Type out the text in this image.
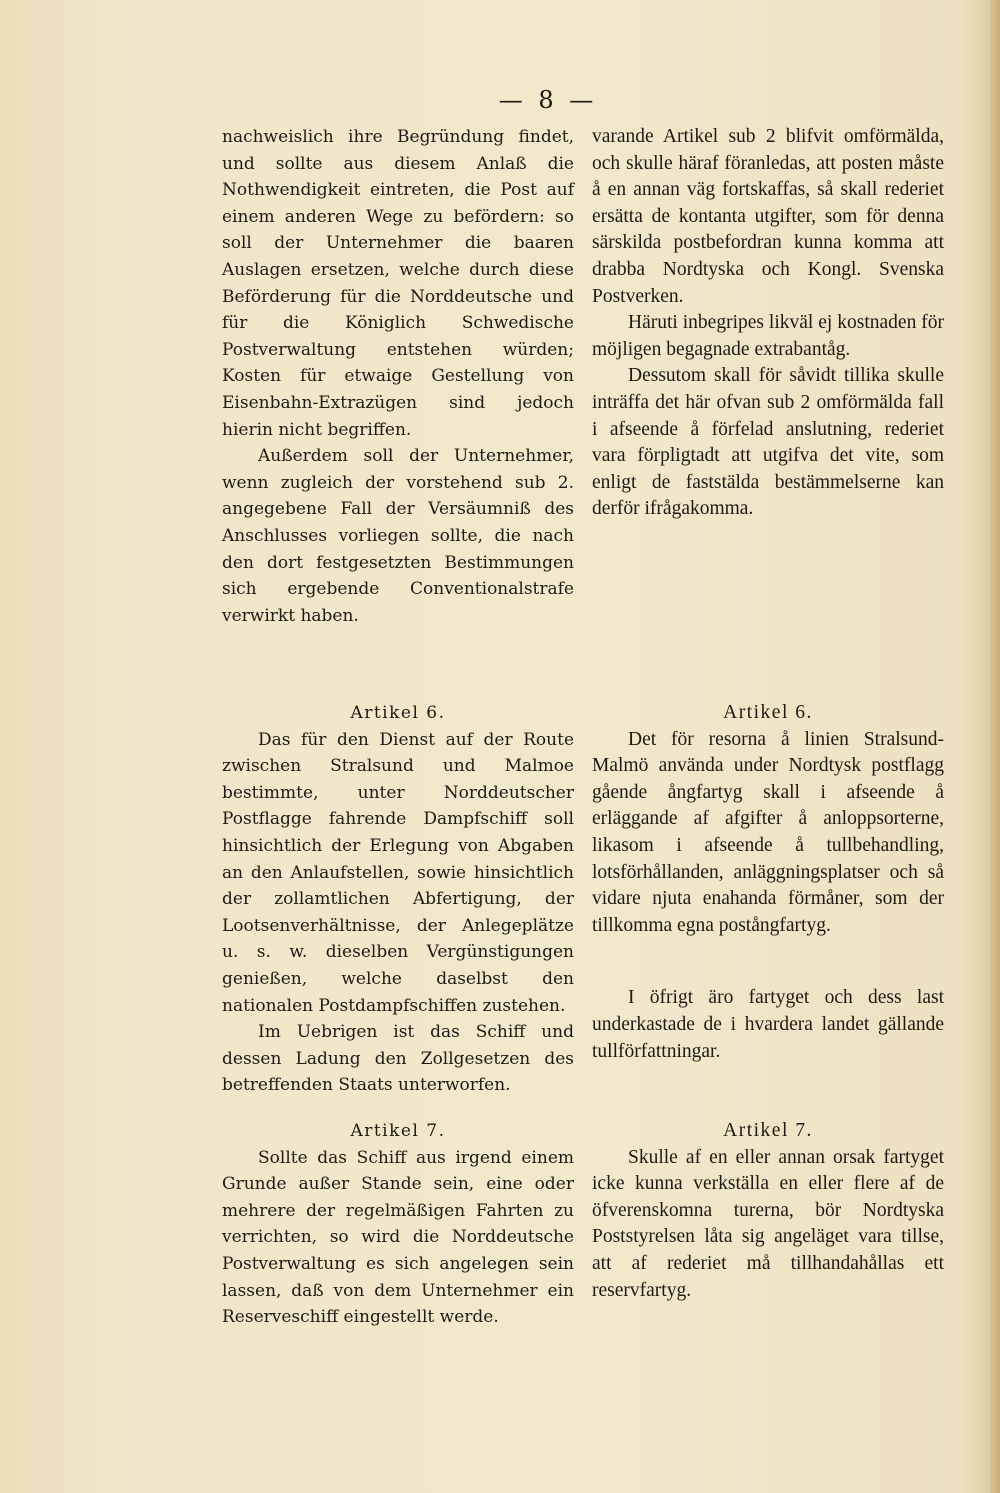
— 8 —

nachweislich ihre Begründung findet, und sollte aus diesem Anlaß die Nothwendigkeit eintreten, die Post auf einem anderen Wege zu befördern: so soll der Unternehmer die baaren Auslagen ersetzen, welche durch diese Beförderung für die Norddeutsche und für die Königlich Schwedische Postverwaltung entstehen würden; Kosten für etwaige Gestellung von Eisenbahn-Extrazügen sind jedoch hierin nicht begriffen.

Außerdem soll der Unternehmer, wenn zugleich der vorstehend sub 2. angegebene Fall der Versäumniß des Anschlusses vorliegen sollte, die nach den dort festgesetzten Bestimmungen sich ergebende Conventionalstrafe verwirkt haben.

Artikel 6.

Das für den Dienst auf der Route zwischen Stralsund und Malmoe bestimmte, unter Norddeutscher Postflagge fahrende Dampfschiff soll hinsichtlich der Erlegung von Abgaben an den Anlaufstellen, sowie hinsichtlich der zollamtlichen Abfertigung, der Lootsenverhältnisse, der Anlegeplätze u. s. w. dieselben Vergünstigungen genießen, welche daselbst den nationalen Postdampfschiffen zustehen.

Im Uebrigen ist das Schiff und dessen Ladung den Zollgesetzen des betreffenden Staats unterworfen.

Artikel 7.

Sollte das Schiff aus irgend einem Grunde außer Stande sein, eine oder mehrere der regelmäßigen Fahrten zu verrichten, so wird die Norddeutsche Postverwaltung es sich angelegen sein lassen, daß von dem Unternehmer ein Reserveschiff eingestellt werde.

varande Artikel sub 2 blifvit omförmälda, och skulle häraf föranledas, att posten måste å en annan väg fortskaffas, så skall rederiet ersätta de kontanta utgifter, som för denna särskilda postbefordran kunna komma att drabba Nordtyska och Kongl. Svenska Postverken.

Häruti inbegripes likväl ej kostnaden för möjligen begagnade extrabantåg.

Dessutom skall för såvidt tillika skulle inträffa det här ofvan sub 2 omförmälda fall i afseende å förfelad anslutning, rederiet vara förpligtadt att utgifva det vite, som enligt de faststälda bestämmelserne kan derför ifrågakomma.

Artikel 6.

Det för resorna å linien Stralsund-Malmö använda under Nordtysk postflagg gående ångfartyg skall i afseende å erläggande af afgifter å anloppsorterne, likasom i afseende å tullbehandling, lotsförhållanden, anläggningsplatser och så vidare njuta enahanda förmåner, som der tillkomma egna postångfartyg.

I öfrigt äro fartyget och dess last underkastade de i hvardera landet gällande tullförfattningar.

Artikel 7.

Skulle af en eller annan orsak fartyget icke kunna verkställa en eller flere af de öfverenskomna turerna, bör Nordtyska Poststyrelsen låta sig angeläget vara tillse, att af rederiet må tillhandahållas ett reservfartyg.
